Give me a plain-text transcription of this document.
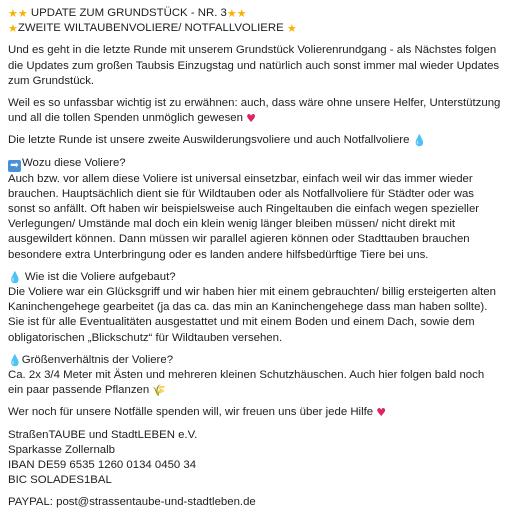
★★ UPDATE ZUM GRUNDSTÜCK - NR. 3★★
★ZWEITE WILTAUBENVOLIERE/ NOTFALLVOLIERE ★

Und es geht in die letzte Runde mit unserem Grundstück Volierenrundgang - als Nächstes folgen die Updates zum großen Taubsis Einzugstag und natürlich auch sonst immer mal wieder Updates zum Grundstück.

Weil es so unfassbar wichtig ist zu erwähnen: auch, dass wäre ohne unsere Helfer, Unterstützung und all die tollen Spenden unmöglich gewesen ♥

Die letzte Runde ist unsere zweite Auswilderungsvoliere und auch Notfallvoliere 💧

➡ Wozu diese Voliere?
Auch bzw. vor allem diese Voliere ist universal einsetzbar, einfach weil wir das immer wieder brauchen. Hauptsächlich dient sie für Wildtauben oder als Notfallvoliere für Städter oder was sonst so anfällt. Oft haben wir beispielsweise auch Ringeltauben die einfach wegen spezieller Verlegungen/ Umstände mal doch ein klein wenig länger bleiben müssen/ nicht direkt mit ausgewildert können. Dann müssen wir parallel agieren können oder Stadttauben brauchen besondere extra Unterbringung oder es landen andere hilfsbedürftige Tiere bei uns.
💧 Wie ist die Voliere aufgebaut?
Die Voliere war ein Glücksgriff und wir haben hier mit einem gebrauchten/ billig ersteigerten alten Kaninchengehege gearbeitet (ja das ca. das min an Kaninchengehege dass man haben sollte). Sie ist für alle Eventualitäten ausgestattet und mit einem Boden und einem Dach, sowie dem obligatorischen „Blickschutz“ für Wildtauben versehen.
💧Größenverhältnis der Voliere?
Ca. 2x 3/4 Meter mit Ästen und mehreren kleinen Schutzhäuschen. Auch hier folgen bald noch ein paar passende Pflanzen 🌾

Wer noch für unsere Notfälle spenden will, wir freuen uns über jede Hilfe ♥

StraßenTAUBE und StadtLEBEN e.V.
Sparkasse Zollernalb
IBAN DE59 6535 1260 0134 0450 34
BIC SOLADES1BAL

PAYPAL: post@strassentaube-und-stadtleben.de
